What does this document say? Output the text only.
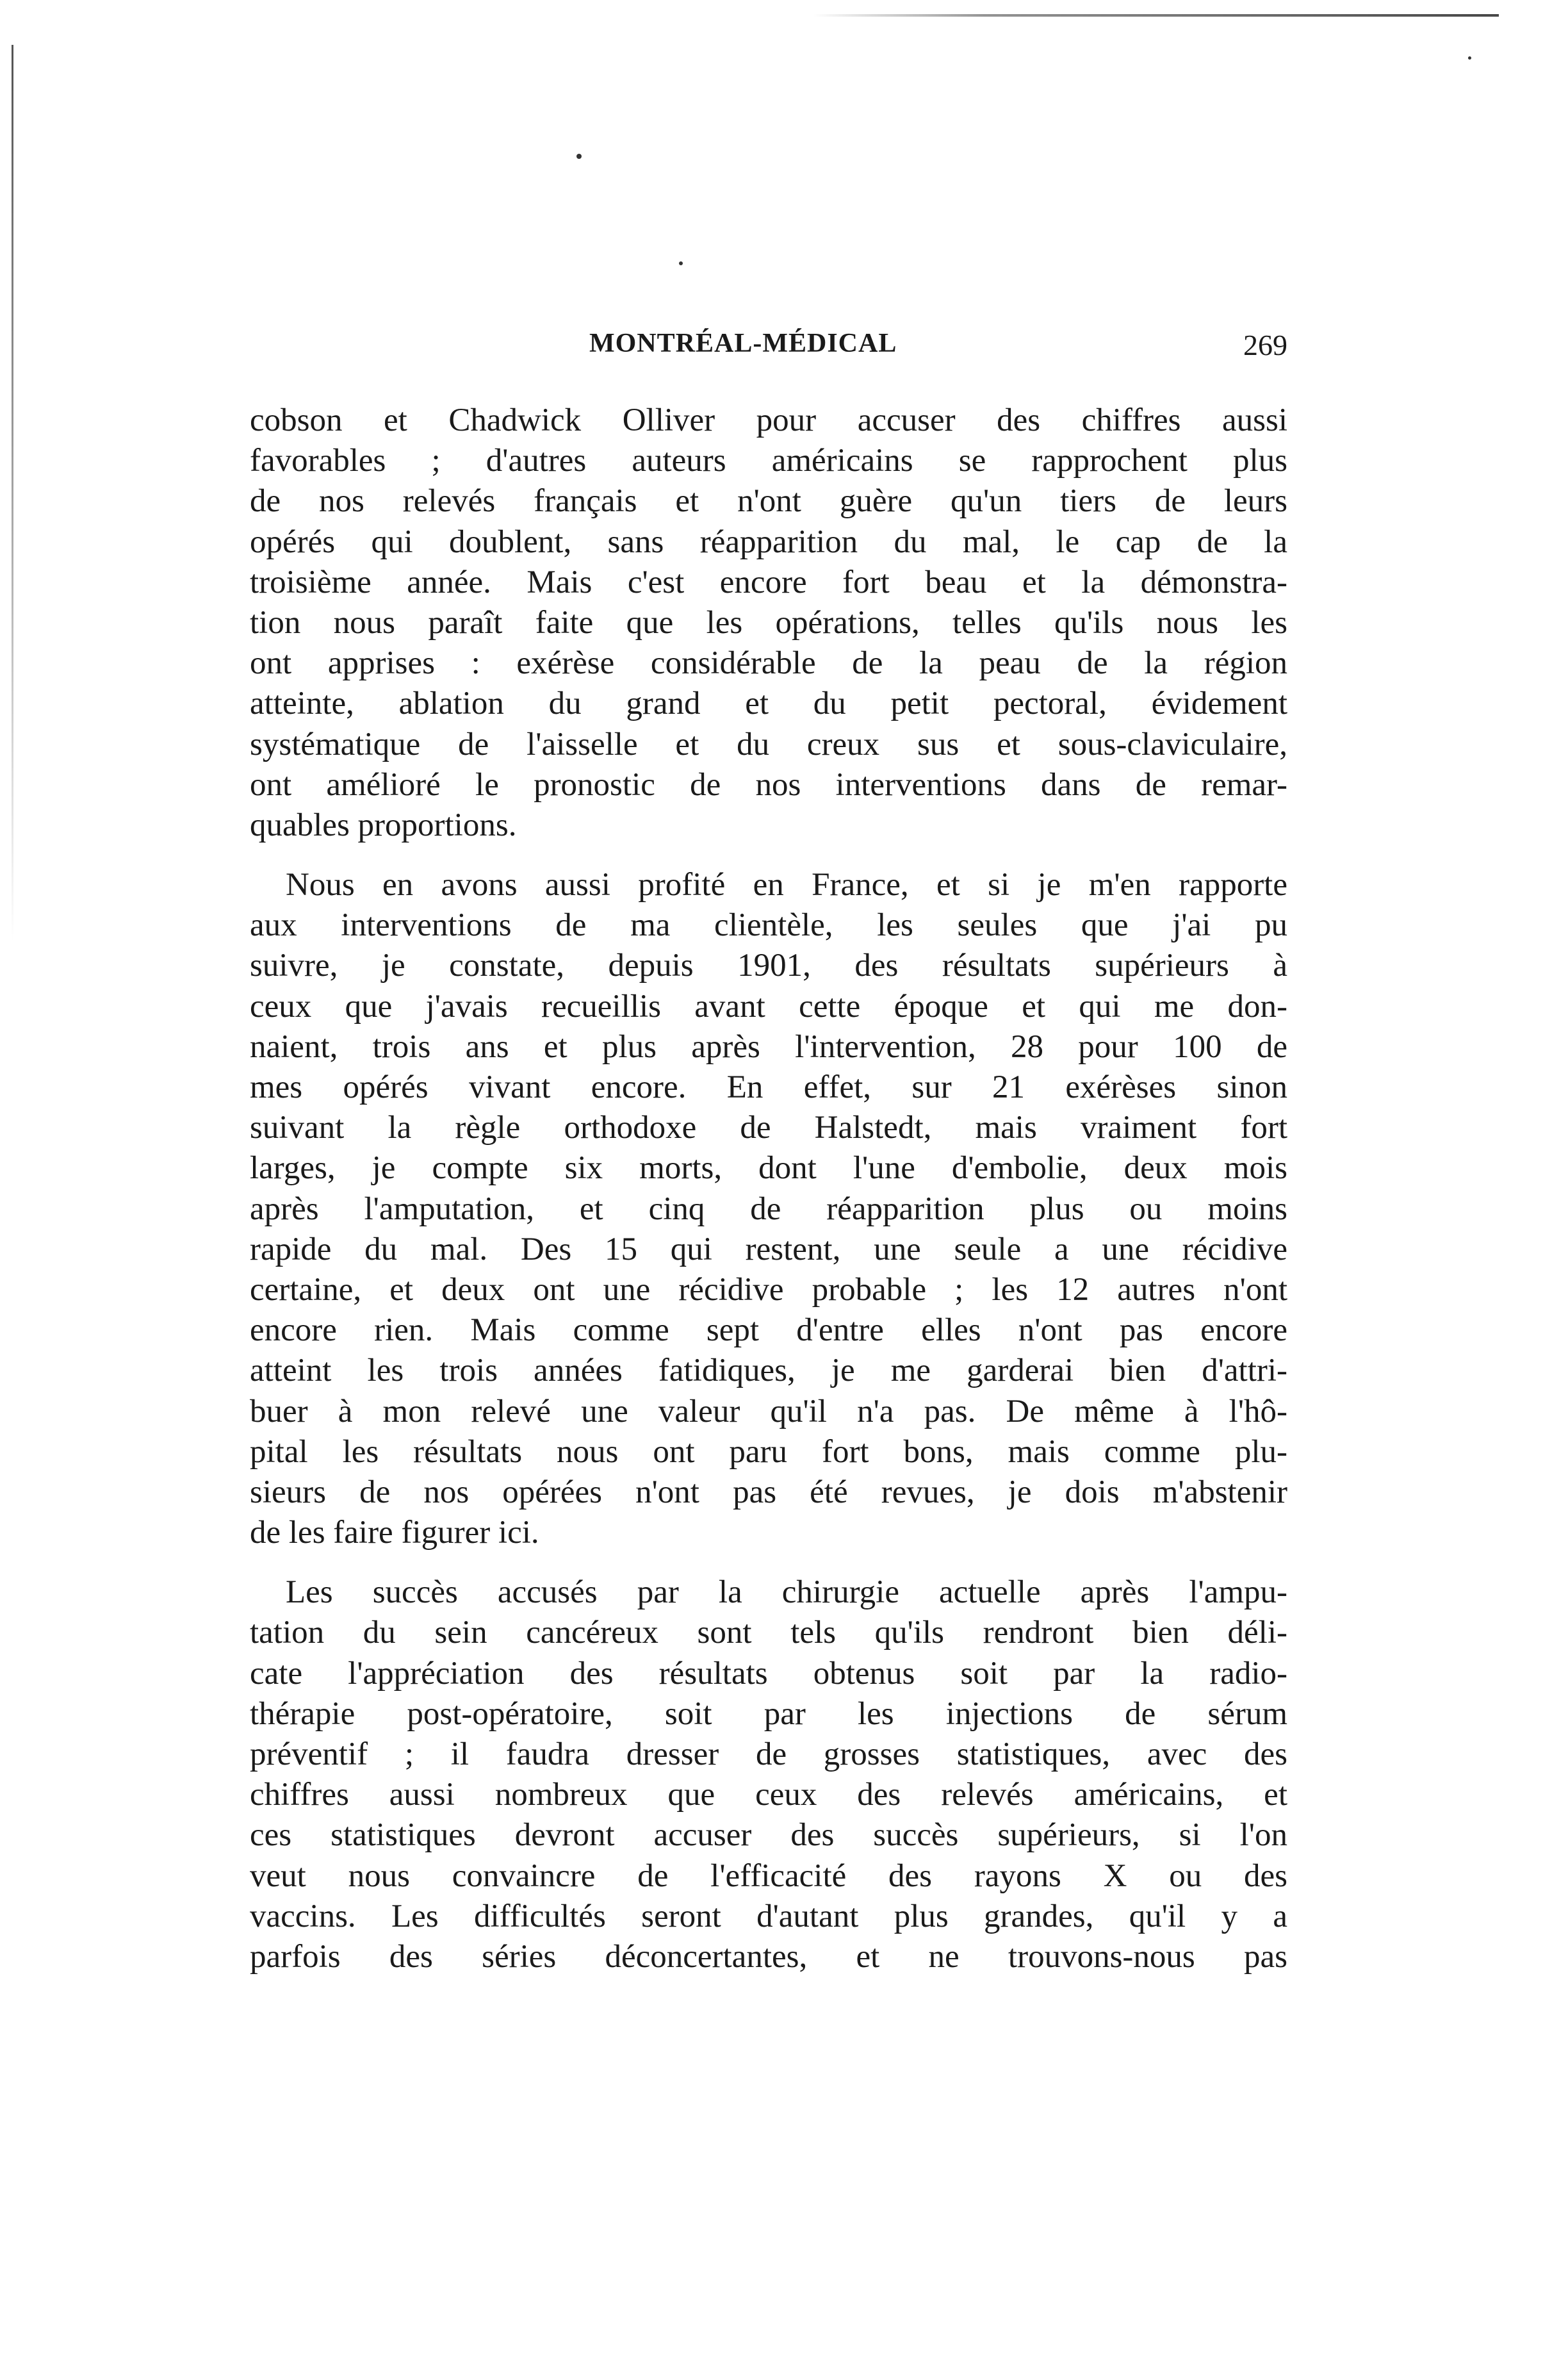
MONTRÉAL-MÉDICAL	269
cobson et Chadwick Olliver pour accuser des chiffres aussi
favorables ; d'autres auteurs américains se rapprochent plus
de nos relevés français et n'ont guère qu'un tiers de leurs
opérés qui doublent, sans réapparition du mal, le cap de la
troisième année. Mais c'est encore fort beau et la démonstra-
tion nous paraît faite que les opérations, telles qu'ils nous les
ont apprises : exérèse considérable de la peau de la région
atteinte, ablation du grand et du petit pectoral, évidement
systématique de l'aisselle et du creux sus et sous-claviculaire,
ont amélioré le pronostic de nos interventions dans de remar-
quables proportions.
Nous en avons aussi profité en France, et si je m'en rapporte
aux interventions de ma clientèle, les seules que j'ai pu
suivre, je constate, depuis 1901, des résultats supérieurs à
ceux que j'avais recueillis avant cette époque et qui me don-
naient, trois ans et plus après l'intervention, 28 pour 100 de
mes opérés vivant encore. En effet, sur 21 exérèses sinon
suivant la règle orthodoxe de Halstedt, mais vraiment fort
larges, je compte six morts, dont l'une d'embolie, deux mois
après l'amputation, et cinq de réapparition plus ou moins
rapide du mal. Des 15 qui restent, une seule a une récidive
certaine, et deux ont une récidive probable ; les 12 autres n'ont
encore rien. Mais comme sept d'entre elles n'ont pas encore
atteint les trois années fatidiques, je me garderai bien d'attri-
buer à mon relevé une valeur qu'il n'a pas. De même à l'hô-
pital les résultats nous ont paru fort bons, mais comme plu-
sieurs de nos opérées n'ont pas été revues, je dois m'abstenir
de les faire figurer ici.
Les succès accusés par la chirurgie actuelle après l'ampu-
tation du sein cancéreux sont tels qu'ils rendront bien déli-
cate l'appréciation des résultats obtenus soit par la radio-
thérapie post-opératoire, soit par les injections de sérum
préventif ; il faudra dresser de grosses statistiques, avec des
chiffres aussi nombreux que ceux des relevés américains, et
ces statistiques devront accuser des succès supérieurs, si l'on
veut nous convaincre de l'efficacité des rayons X ou des
vaccins. Les difficultés seront d'autant plus grandes, qu'il y a
parfois des séries déconcertantes, et ne trouvons-nous pas
